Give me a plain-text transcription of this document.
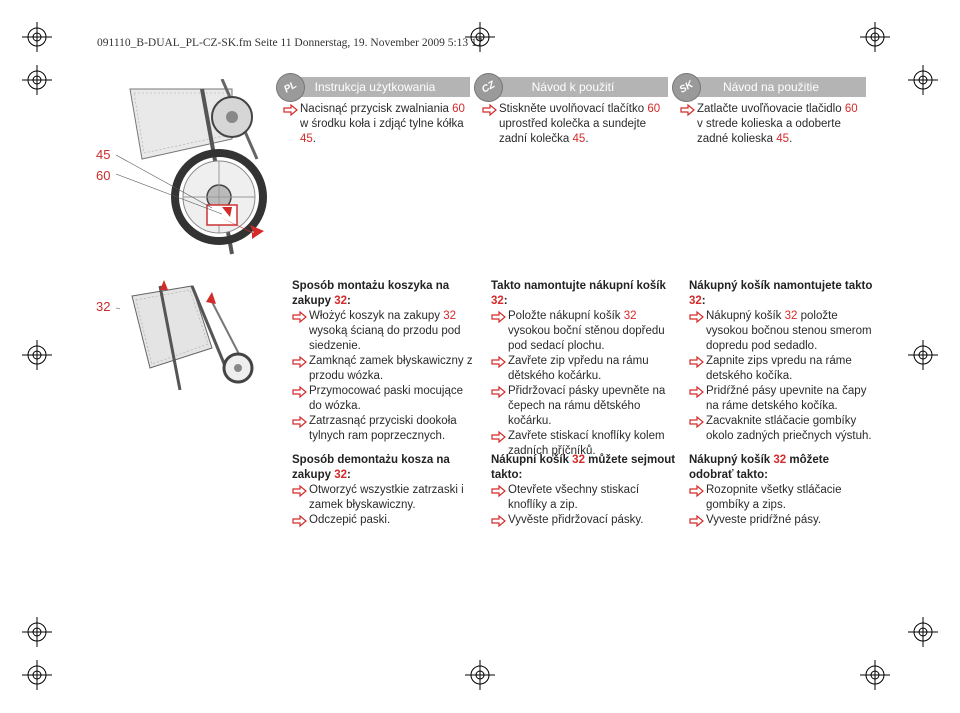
091110_B-DUAL_PL-CZ-SK.fm Seite 11 Donnerstag, 19. November 2009 5:13 17
PL	Instrukcja użytkowania	CZ	Návod k použití	SK	Návod na použitie
45
60
Nacisnąć przycisk zwalniania 60 w środku koła i zdjąć tylne kółka 45.
Stiskněte uvolňovací tlačítko 60 uprostřed kolečka a sundejte zadní kolečka 45.
Zatlačte uvoľňovacie tlačidlo 60 v strede kolieska a odoberte zadné kolieska 45.
32
Sposób montażu koszyka na zakupy 32:
Włożyć koszyk na zakupy 32 wysoką ścianą do przodu pod siedzenie.
Zamknąć zamek błyskawiczny z przodu wózka.
Przymocować paski mocujące do wózka.
Zatrzasnąć przyciski dookoła tylnych ram poprzecznych.
Takto namontujte nákupní košík 32:
Položte nákupní košík 32 vysokou boční stěnou dopředu pod sedací plochu.
Zavřete zip vpředu na rámu dětského kočárku.
Přidržovací pásky upevněte na čepech na rámu dětského kočárku.
Zavřete stiskací knoflíky kolem zadních příčníků.
Nákupný košík namontujete takto 32:
Nákupný košík 32 položte vysokou bočnou stenou smerom dopredu pod sedadlo.
Zapnite zips vpredu na ráme detského kočíka.
Pridŕžné pásy upevnite na čapy na ráme detského kočíka.
Zacvaknite stláčacie gombíky okolo zadných priečnych výstuh.
Sposób demontażu kosza na zakupy 32:
Otworzyć wszystkie zatrzaski i zamek błyskawiczny.
Odczepić paski.
Nákupní košík 32 můžete sejmout takto:
Otevřete všechny stiskací knoflíky a zip.
Vyvěste přidržovací pásky.
Nákupný košík 32 môžete odobrať takto:
Rozopnite všetky stláčacie gombíky a zips.
Vyveste pridŕžné pásy.
